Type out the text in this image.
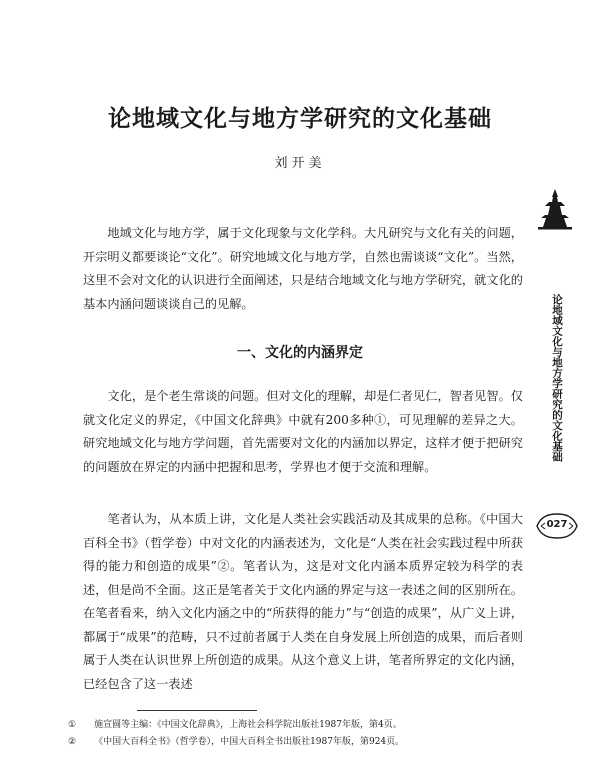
论地域文化与地方学研究的文化基础
刘开美

地域文化与地方学，属于文化现象与文化学科。大凡研究与文化有关的问题，开宗明义都要谈论“文化”。研究地域文化与地方学，自然也需谈谈“文化”。当然，这里不会对文化的认识进行全面阐述，只是结合地域文化与地方学研究，就文化的基本内涵问题谈谈自己的见解。

一、文化的内涵界定

文化，是个老生常谈的问题。但对文化的理解，却是仁者见仁，智者见智。仅就文化定义的界定，《中国文化辞典》中就有200多种①，可见理解的差异之大。研究地域文化与地方学问题，首先需要对文化的内涵加以界定，这样才便于把研究的问题放在界定的内涵中把握和思考，学界也才便于交流和理解。

笔者认为，从本质上讲，文化是人类社会实践活动及其成果的总称。《中国大百科全书》（哲学卷）中对文化的内涵表述为，文化是“人类在社会实践过程中所获得的能力和创造的成果”②。笔者认为，这是对文化内涵本质界定较为科学的表述，但是尚不全面。这正是笔者关于文化内涵的界定与这一表述之间的区别所在。在笔者看来，纳入文化内涵之中的“所获得的能力”与“创造的成果”，从广义上讲，都属于“成果”的范畴，只不过前者属于人类在自身发展上所创造的成果，而后者则属于人类在认识世界上所创造的成果。从这个意义上讲，笔者所界定的文化内涵，已经包含了这一表述

① 施宣圆等主编：《中国文化辞典》，上海社会科学院出版社1987年版，第4页。
② 《中国大百科全书》（哲学卷），中国大百科全书出版社1987年版，第924页。
论地域文化与地方学研究的文化基础
027
